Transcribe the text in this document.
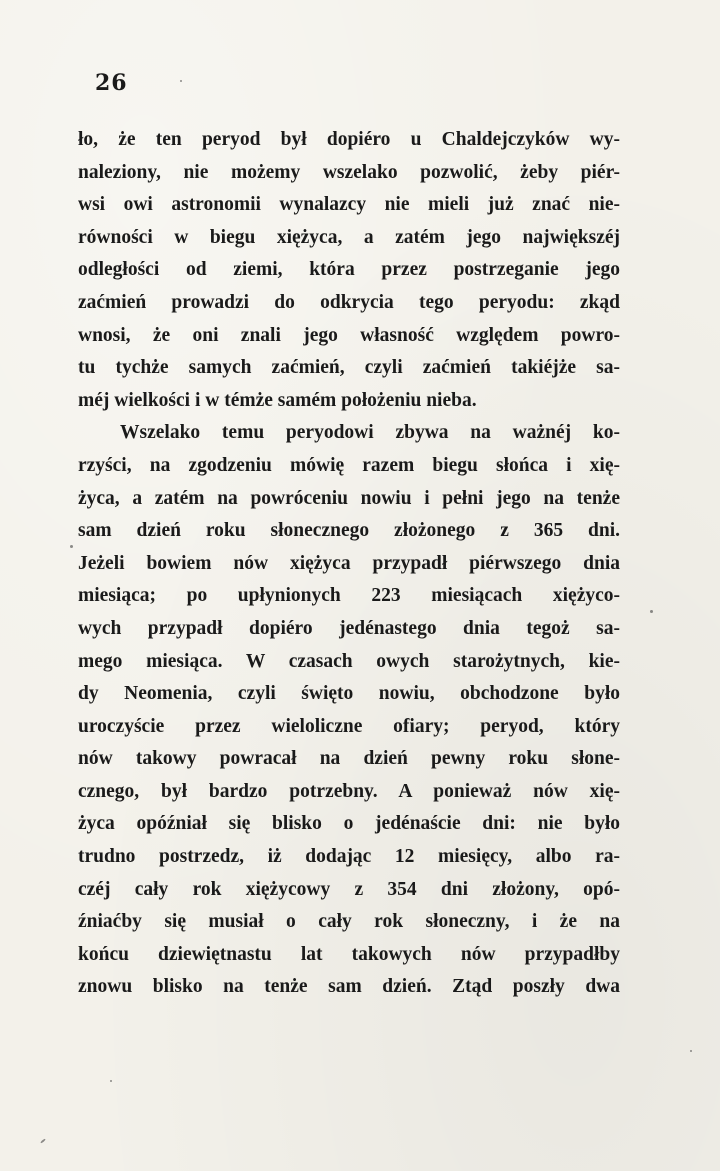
26
ło, że ten peryod był dopiéro u Chaldejczyków wy-
naleziony, nie możemy wszelako pozwolić, żeby piér-
wsi owi astronomii wynalazcy nie mieli już znać nie-
równości w biegu xiężyca, a zatém jego największéj
odległości od ziemi, która przez postrzeganie jego
zaćmień prowadzi do odkrycia tego peryodu: zkąd
wnosi, że oni znali jego własność względem powro-
tu tychże samych zaćmień, czyli zaćmień takiéjże sa-
méj wielkości i w témże samém położeniu nieba.
Wszelako temu peryodowi zbywa na ważnéj ko-
rzyści, na zgodzeniu mówię razem biegu słońca i xię-
życa, a zatém na powróceniu nowiu i pełni jego na tenże
sam dzień roku słonecznego złożonego z 365 dni.
Jeżeli bowiem nów xiężyca przypadł piérwszego dnia
miesiąca; po upłynionych 223 miesiącach xiężyco-
wych przypadł dopiéro jedénastego dnia tegoż sa-
mego miesiąca. W czasach owych starożytnych, kie-
dy Neomenia, czyli święto nowiu, obchodzone było
uroczyście przez wieloliczne ofiary; peryod, który
nów takowy powracał na dzień pewny roku słone-
cznego, był bardzo potrzebny. A ponieważ nów xię-
życa opóźniał się blisko o jedénaście dni: nie było
trudno postrzedz, iż dodając 12 miesięcy, albo ra-
czéj cały rok xiężycowy z 354 dni złożony, opó-
źniaćby się musiał o cały rok słoneczny, i że na
końcu dziewiętnastu lat takowych nów przypadłby
znowu blisko na tenże sam dzień. Ztąd poszły dwa
